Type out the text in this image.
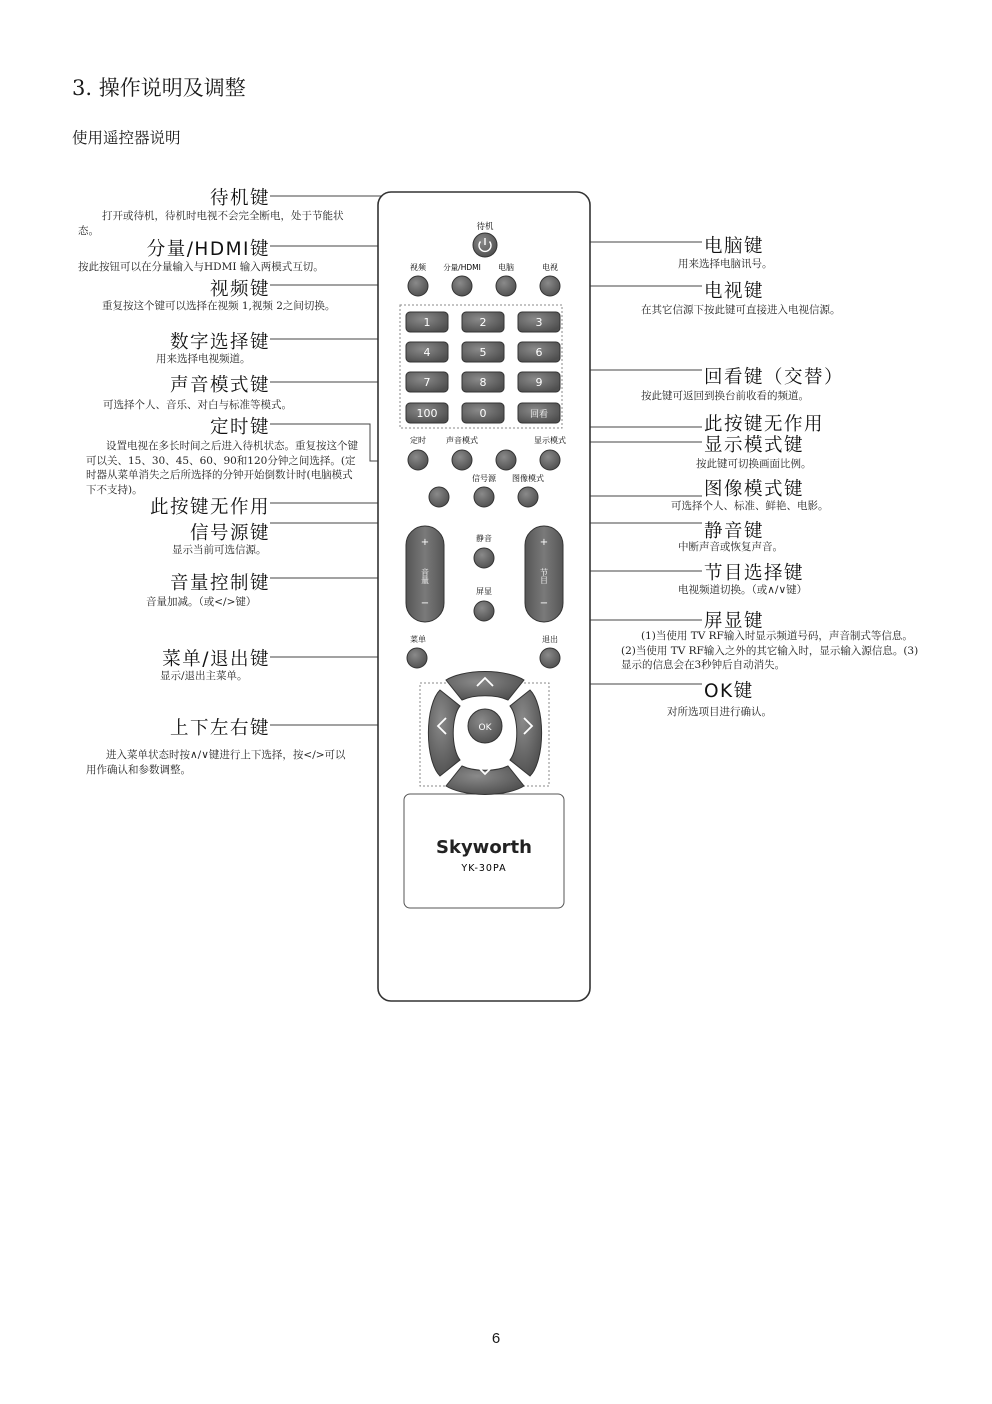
3. 操作说明及调整
使用遥控器说明
待机
视频 分量/HDMI 电脑	电视
1	2	3
4	5	6
7	8	9
100	0	回看
定时	声音模式	显示模式
信号源 图像模式
+
−
+
−
音量	节目
静音
屏显
菜单	退出
OK
Skyworth
YK-30PA
待机键
打开或待机，待机时电视不会完全断电，处于节能状态。
分量/HDMI键
按此按钮可以在分量输入与HDMI 输入两模式互切。
视频键
重复按这个键可以选择在视频 1,视频 2之间切换。
数字选择键
用来选择电视频道。
声音模式键
可选择个人、音乐、对白与标准等模式。
定时键
设置电视在多长时间之后进入待机状态。重复按这个键可以关、15、30、45、60、90和120分钟之间选择。(定时器从菜单消失之后所选择的分钟开始倒数计时(电脑模式下不支持)。
此按键无作用
信号源键
显示当前可选信源。
音量控制键
音量加减。（或</>键）
菜单/退出键
显示/退出主菜单。
上下左右键
进入菜单状态时按∧/∨键进行上下选择，按</>可以用作确认和参数调整。
电脑键
用来选择电脑讯号。
电视键
在其它信源下按此键可直接进入电视信源。
回看键（交替）
按此键可返回到换台前收看的频道。
此按键无作用
显示模式键
按此键可切换画面比例。
图像模式键
可选择个人、标准、鲜艳、电影。
静音键
中断声音或恢复声音。
节目选择键
电视频道切换。（或∧/∨键）
屏显键
(1)当使用 TV RF输入时显示频道号码，声音制式等信息。(2)当使用 TV RF输入之外的其它输入时，显示输入源信息。(3)显示的信息会在3秒钟后自动消失。
OK键
对所选项目进行确认。
6
